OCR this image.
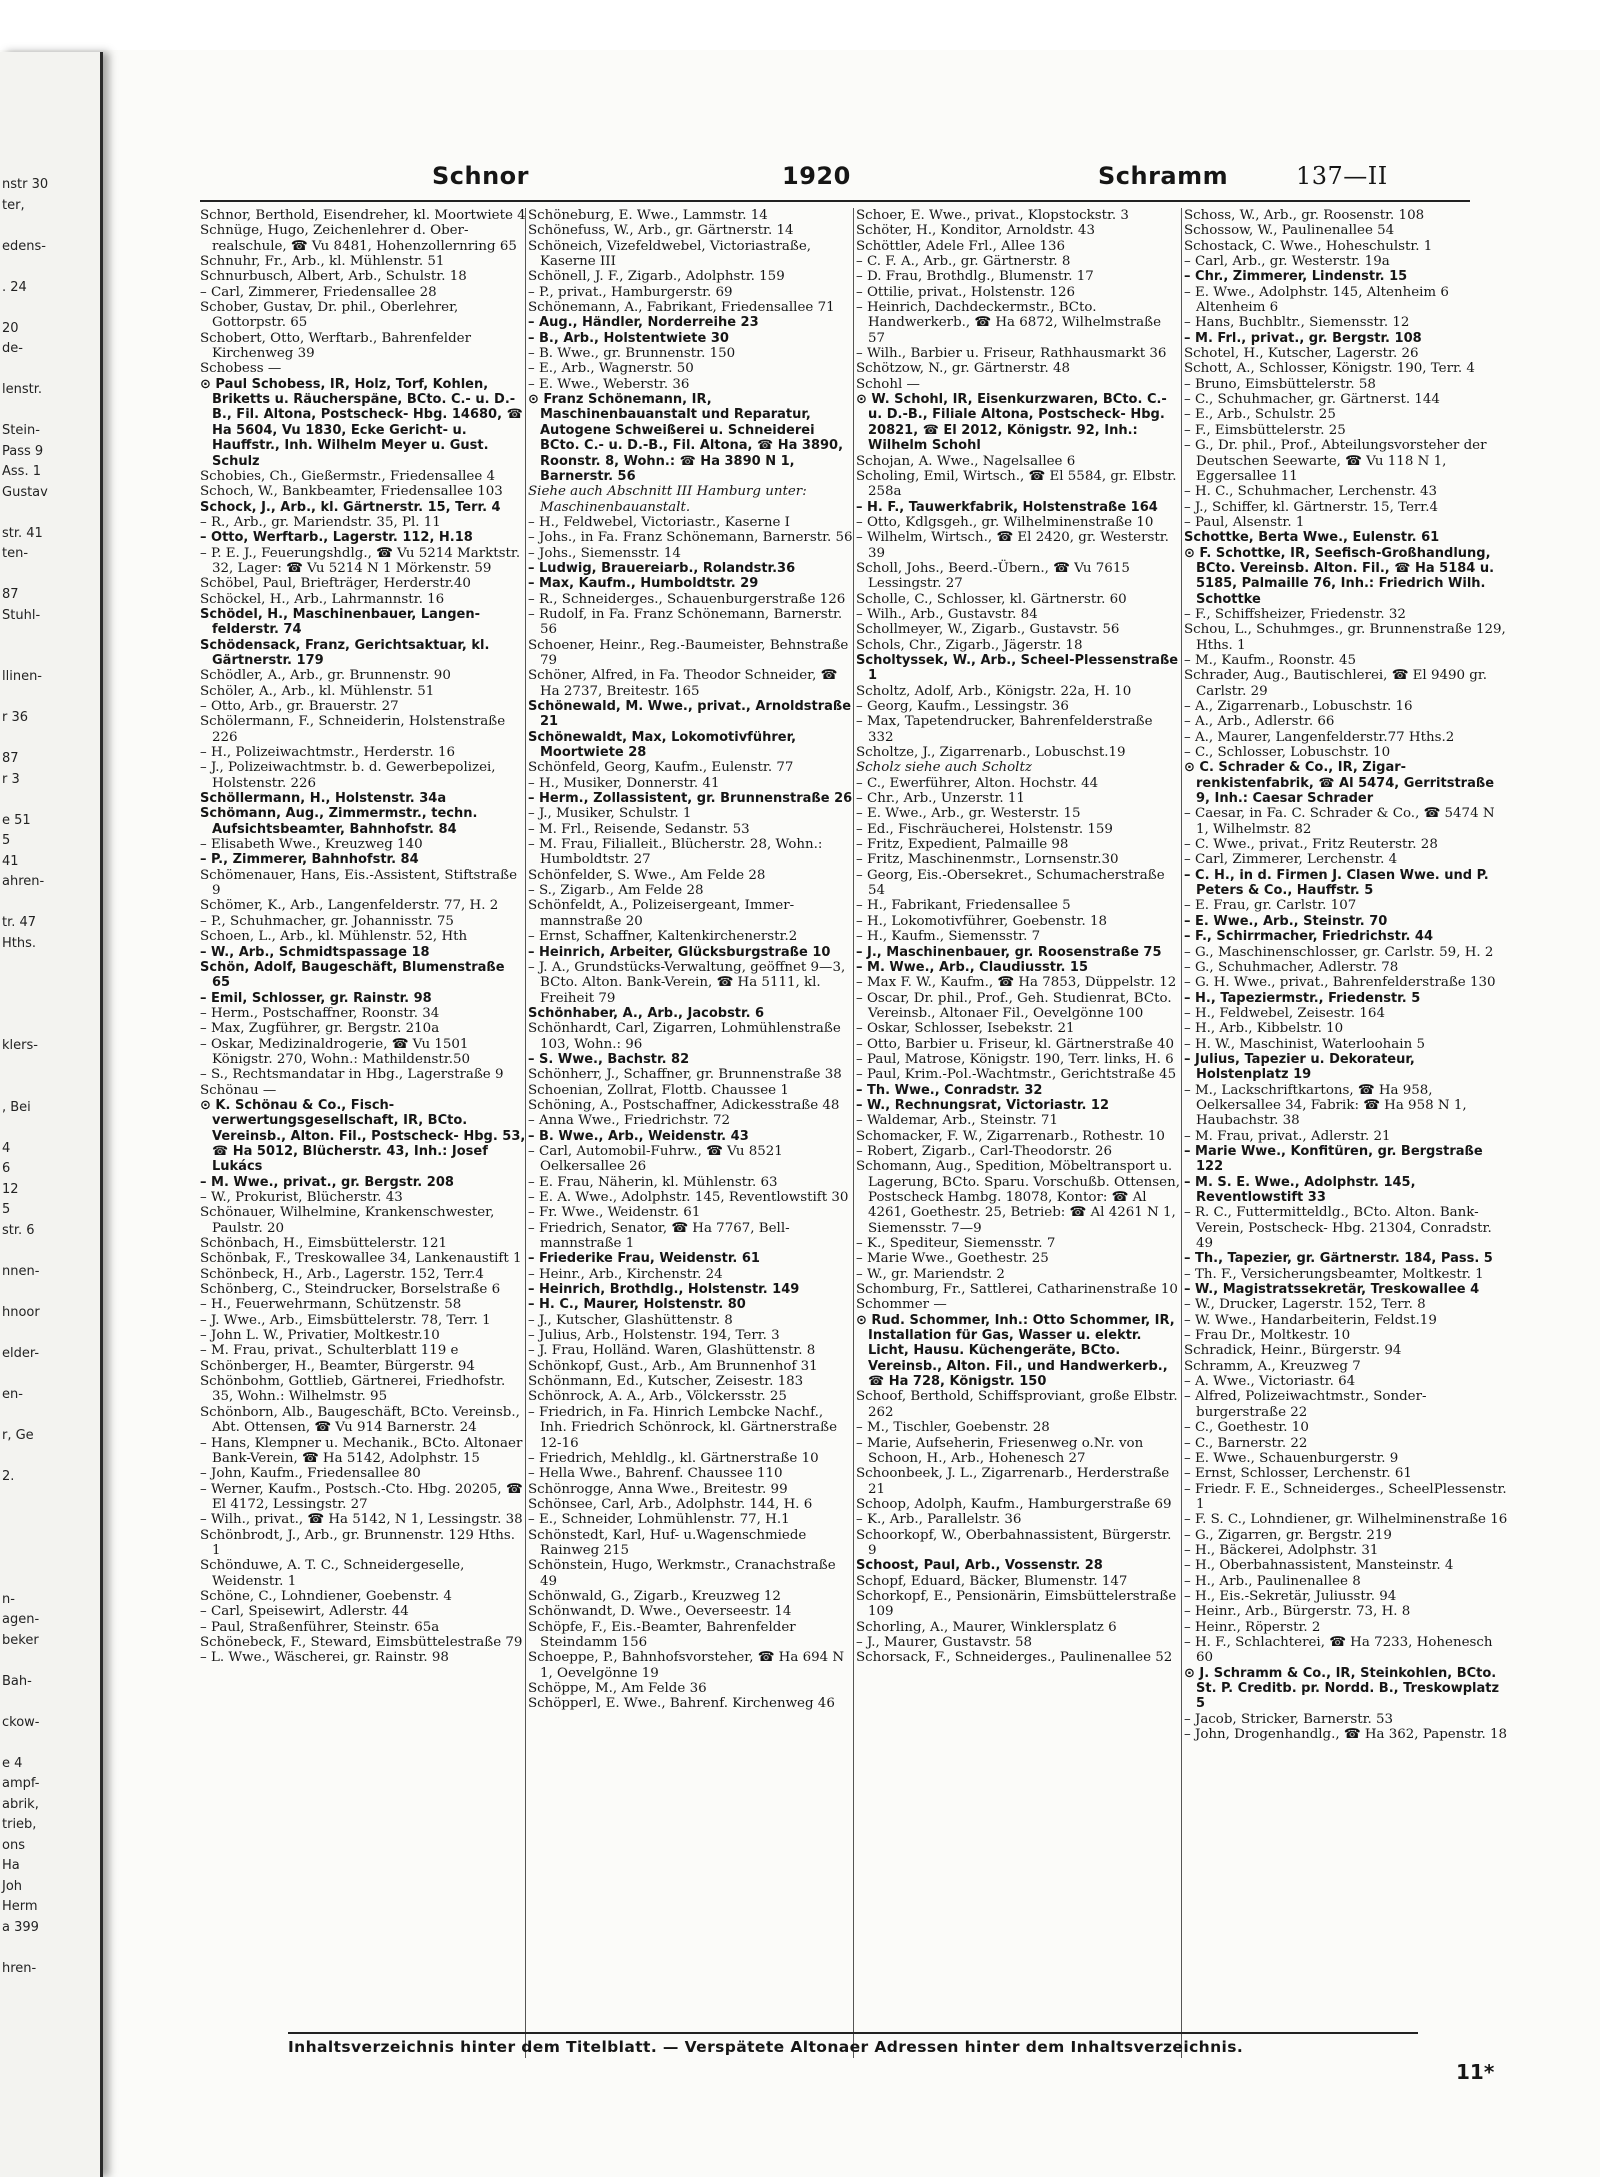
nstr 30
ter,
edens-
. 24
20
de-
lenstr.
Stein-
Pass 9
Ass. 1
Gustav
str. 41
ten-
87
Stuhl-
llinen-
r 36
87
r 3
e 51
5
41
ahren-
tr. 47
Hths.
klers-
, Bei
4
6
12
5
str. 6
nnen-
hnoor
elder-
en-
r, Ge
2.
n-
agen-
beker
Bah-
ckow-
e 4
ampf-
abrik,
trieb,
ons
Ha
Joh
Herm
a 399
hren-
Schnor	1920	Schramm	137—II
Schnor, Berthold, Eisendreher, kl. Moortwiete 4
Schnüge, Hugo, Zeichenlehrer d. Oberrealschule, ☎ Vu 8481, Hohenzollernring 65
Schnuhr, Fr., Arb., kl. Mühlenstr. 51
Schnurbusch, Albert, Arb., Schulstr. 18
– Carl, Zimmerer, Friedensallee 28
Schober, Gustav, Dr. phil., Oberlehrer, Gottorpstr. 65
Schobert, Otto, Werftarb., Bahrenfelder Kirchenweg 39
Schobess —
⊙ Paul Schobess, IR, Holz, Torf, Kohlen, Briketts u. Räucherspäne, BCto. C.- u. D.-B., Fil. Altona, Postscheck- Hbg. 14680, ☎ Ha 5604, Vu 1830, Ecke Gericht- u. Hauffstr., Inh. Wilhelm Meyer u. Gust. Schulz
Schobies, Ch., Gießermstr., Friedensallee 4
Schoch, W., Bankbeamter, Friedensallee 103
Schock, J., Arb., kl. Gärtnerstr. 15, Terr. 4
– R., Arb., gr. Mariendstr. 35, Pl. 11
– Otto, Werftarb., Lagerstr. 112, H.18
– P. E. J., Feuerungshdlg., ☎ Vu 5214 Marktstr. 32, Lager: ☎ Vu 5214 N 1 Mörkenstr. 59
Schöbel, Paul, Briefträger, Herderstr.40
Schöckel, H., Arb., Lahrmannstr. 16
Schödel, H., Maschinenbauer, Langenfelderstr. 74
Schödensack, Franz, Gerichtsaktuar, kl. Gärtnerstr. 179
Schödler, A., Arb., gr. Brunnenstr. 90
Schöler, A., Arb., kl. Mühlenstr. 51
– Otto, Arb., gr. Brauerstr. 27
Schölermann, F., Schneiderin, Holstenstraße 226
– H., Polizeiwachtmstr., Herderstr. 16
– J., Polizeiwachtmstr. b. d. Gewerbepolizei, Holstenstr. 226
Schöllermann, H., Holstenstr. 34a
Schömann, Aug., Zimmermstr., techn. Aufsichtsbeamter, Bahnhofstr. 84
– Elisabeth Wwe., Kreuzweg 140
– P., Zimmerer, Bahnhofstr. 84
Schömenauer, Hans, Eis.-Assistent, Stiftstraße 9
Schömer, K., Arb., Langenfelderstr. 77, H. 2
– P., Schuhmacher, gr. Johannisstr. 75
Schoen, L., Arb., kl. Mühlenstr. 52, Hth
– W., Arb., Schmidtspassage 18
Schön, Adolf, Baugeschäft, Blumenstraße 65
– Emil, Schlosser, gr. Rainstr. 98
– Herm., Postschaffner, Roonstr. 34
– Max, Zugführer, gr. Bergstr. 210a
– Oskar, Medizinaldrogerie, ☎ Vu 1501 Königstr. 270, Wohn.: Mathildenstr.50
– S., Rechtsmandatar in Hbg., Lagerstraße 9
Schönau —
⊙ K. Schönau & Co., Fischverwertungsgesellschaft, IR, BCto. Vereinsb., Alton. Fil., Postscheck- Hbg. 53, ☎ Ha 5012, Blücherstr. 43, Inh.: Josef Lukács
– M. Wwe., privat., gr. Bergstr. 208
– W., Prokurist, Blücherstr. 43
Schönauer, Wilhelmine, Krankenschwester, Paulstr. 20
Schönbach, H., Eimsbüttelerstr. 121
Schönbak, F., Treskowallee 34, Lankenaustift 1
Schönbeck, H., Arb., Lagerstr. 152, Terr.4
Schönberg, C., Steindrucker, Borselstraße 6
– H., Feuerwehrmann, Schützenstr. 58
– J. Wwe., Arb., Eimsbüttelerstr. 78, Terr. 1
– John L. W., Privatier, Moltkestr.10
– M. Frau, privat., Schulterblatt 119 e
Schönberger, H., Beamter, Bürgerstr. 94
Schönbohm, Gottlieb, Gärtnerei, Friedhofstr. 35, Wohn.: Wilhelmstr. 95
Schönborn, Alb., Baugeschäft, BCto. Vereinsb., Abt. Ottensen, ☎ Vu 914 Barnerstr. 24
– Hans, Klempner u. Mechanik., BCto. Altonaer Bank-Verein, ☎ Ha 5142, Adolphstr. 15
– John, Kaufm., Friedensallee 80
– Werner, Kaufm., Postsch.-Cto. Hbg. 20205, ☎ El 4172, Lessingstr. 27
– Wilh., privat., ☎ Ha 5142, N 1, Lessingstr. 38
Schönbrodt, J., Arb., gr. Brunnenstr. 129 Hths. 1
Schönduwe, A. T. C., Schneidergeselle, Weidenstr. 1
Schöne, C., Lohndiener, Goebenstr. 4
– Carl, Speisewirt, Adlerstr. 44
– Paul, Straßenführer, Steinstr. 65a
Schönebeck, F., Steward, Eimsbüttelestraße 79
– L. Wwe., Wäscherei, gr. Rainstr. 98
Schöneburg, E. Wwe., Lammstr. 14
Schönefuss, W., Arb., gr. Gärtnerstr. 14
Schöneich, Vizefeldwebel, Victoriastraße, Kaserne III
Schönell, J. F., Zigarb., Adolphstr. 159
– P., privat., Hamburgerstr. 69
Schönemann, A., Fabrikant, Friedensallee 71
– Aug., Händler, Norderreihe 23
– B., Arb., Holstentwiete 30
– B. Wwe., gr. Brunnenstr. 150
– E., Arb., Wagnerstr. 50
– E. Wwe., Weberstr. 36
⊙ Franz Schönemann, IR, Maschinenbauanstalt und Reparatur, Autogene Schweißerei u. Schneiderei BCto. C.- u. D.-B., Fil. Altona, ☎ Ha 3890, Roonstr. 8, Wohn.: ☎ Ha 3890 N 1, Barnerstr. 56
Siehe auch Abschnitt III Hamburg unter: Maschinenbauanstalt.
– H., Feldwebel, Victoriastr., Kaserne I
– Johs., in Fa. Franz Schönemann, Barnerstr. 56
– Johs., Siemensstr. 14
– Ludwig, Brauereiarb., Rolandstr.36
– Max, Kaufm., Humboldtstr. 29
– R., Schneiderges., Schauenburgerstraße 126
– Rudolf, in Fa. Franz Schönemann, Barnerstr. 56
Schoener, Heinr., Reg.-Baumeister, Behnstraße 79
Schöner, Alfred, in Fa. Theodor Schneider, ☎ Ha 2737, Breitestr. 165
Schönewald, M. Wwe., privat., Arnoldstraße 21
Schönewaldt, Max, Lokomotivführer, Moortwiete 28
Schönfeld, Georg, Kaufm., Eulenstr. 77
– H., Musiker, Donnerstr. 41
– Herm., Zollassistent, gr. Brunnenstraße 26
– J., Musiker, Schulstr. 1
– M. Frl., Reisende, Sedanstr. 53
– M. Frau, Filialleit., Blücherstr. 28, Wohn.: Humboldtstr. 27
Schönfelder, S. Wwe., Am Felde 28
– S., Zigarb., Am Felde 28
Schönfeldt, A., Polizeisergeant, Immermannstraße 20
– Ernst, Schaffner, Kaltenkirchenerstr.2
– Heinrich, Arbeiter, Glücksburgstraße 10
– J. A., Grundstücks-Verwaltung, geöffnet 9—3, BCto. Alton. Bank-Verein, ☎ Ha 5111, kl. Freiheit 79
Schönhaber, A., Arb., Jacobstr. 6
Schönhardt, Carl, Zigarren, Lohmühlenstraße 103, Wohn.: 96
– S. Wwe., Bachstr. 82
Schönherr, J., Schaffner, gr. Brunnenstraße 38
Schoenian, Zollrat, Flottb. Chaussee 1
Schöning, A., Postschaffner, Adickesstraße 48
– Anna Wwe., Friedrichstr. 72
– B. Wwe., Arb., Weidenstr. 43
– Carl, Automobil-Fuhrw., ☎ Vu 8521 Oelkersallee 26
– E. Frau, Näherin, kl. Mühlenstr. 63
– E. A. Wwe., Adolphstr. 145, Reventlowstift 30
– Fr. Wwe., Weidenstr. 61
– Friedrich, Senator, ☎ Ha 7767, Bellmannstraße 1
– Friederike Frau, Weidenstr. 61
– Heinr., Arb., Kirchenstr. 24
– Heinrich, Brothdlg., Holstenstr. 149
– H. C., Maurer, Holstenstr. 80
– J., Kutscher, Glashüttenstr. 8
– Julius, Arb., Holstenstr. 194, Terr. 3
– J. Frau, Holländ. Waren, Glashüttenstr. 8
Schönkopf, Gust., Arb., Am Brunnenhof 31
Schönmann, Ed., Kutscher, Zeisestr. 183
Schönrock, A. A., Arb., Völckersstr. 25
– Friedrich, in Fa. Hinrich Lembcke Nachf., Inh. Friedrich Schönrock, kl. Gärtnerstraße 12-16
– Friedrich, Mehldlg., kl. Gärtnerstraße 10
– Hella Wwe., Bahrenf. Chaussee 110
Schönrogge, Anna Wwe., Breitestr. 99
Schönsee, Carl, Arb., Adolphstr. 144, H. 6
– E., Schneider, Lohmühlenstr. 77, H.1
Schönstedt, Karl, Huf- u.Wagenschmiede Rainweg 215
Schönstein, Hugo, Werkmstr., Cranachstraße 49
Schönwald, G., Zigarb., Kreuzweg 12
Schönwandt, D. Wwe., Oeverseestr. 14
Schöpfe, F., Eis.-Beamter, Bahrenfelder Steindamm 156
Schoeppe, P., Bahnhofsvorsteher, ☎ Ha 694 N 1, Oevelgönne 19
Schöppe, M., Am Felde 36
Schöpperl, E. Wwe., Bahrenf. Kirchenweg 46
Schoer, E. Wwe., privat., Klopstockstr. 3
Schöter, H., Konditor, Arnoldstr. 43
Schöttler, Adele Frl., Allee 136
– C. F. A., Arb., gr. Gärtnerstr. 8
– D. Frau, Brothdlg., Blumenstr. 17
– Ottilie, privat., Holstenstr. 126
– Heinrich, Dachdeckermstr., BCto. Handwerkerb., ☎ Ha 6872, Wilhelmstraße 57
– Wilh., Barbier u. Friseur, Rathhausmarkt 36
Schötzow, N., gr. Gärtnerstr. 48
Schohl —
⊙ W. Schohl, IR, Eisenkurzwaren, BCto. C.- u. D.-B., Filiale Altona, Postscheck- Hbg. 20821, ☎ El 2012, Königstr. 92, Inh.: Wilhelm Schohl
Schojan, A. Wwe., Nagelsallee 6
Scholing, Emil, Wirtsch., ☎ El 5584, gr. Elbstr. 258a
– H. F., Tauwerkfabrik, Holstenstraße 164
– Otto, Kdlgsgeh., gr. Wilhelminenstraße 10
– Wilhelm, Wirtsch., ☎ El 2420, gr. Westerstr. 39
Scholl, Johs., Beerd.-Übern., ☎ Vu 7615 Lessingstr. 27
Scholle, C., Schlosser, kl. Gärtnerstr. 60
– Wilh., Arb., Gustavstr. 84
Schollmeyer, W., Zigarb., Gustavstr. 56
Schols, Chr., Zigarb., Jägerstr. 18
Scholtyssek, W., Arb., Scheel-Plessenstraße 1
Scholtz, Adolf, Arb., Königstr. 22a, H. 10
– Georg, Kaufm., Lessingstr. 36
– Max, Tapetendrucker, Bahrenfelderstraße 332
Scholtze, J., Zigarrenarb., Lobuschst.19
Scholz siehe auch Scholtz
– C., Ewerführer, Alton. Hochstr. 44
– Chr., Arb., Unzerstr. 11
– E. Wwe., Arb., gr. Westerstr. 15
– Ed., Fischräucherei, Holstenstr. 159
– Fritz, Expedient, Palmaille 98
– Fritz, Maschinenmstr., Lornsenstr.30
– Georg, Eis.-Obersekret., Schumacherstraße 54
– H., Fabrikant, Friedensallee 5
– H., Lokomotivführer, Goebenstr. 18
– H., Kaufm., Siemensstr. 7
– J., Maschinenbauer, gr. Roosenstraße 75
– M. Wwe., Arb., Claudiusstr. 15
– Max F. W., Kaufm., ☎ Ha 7853, Düppelstr. 12
– Oscar, Dr. phil., Prof., Geh. Studienrat, BCto. Vereinsb., Altonaer Fil., Oevelgönne 100
– Oskar, Schlosser, Isebekstr. 21
– Otto, Barbier u. Friseur, kl. Gärtnerstraße 40
– Paul, Matrose, Königstr. 190, Terr. links, H. 6
– Paul, Krim.-Pol.-Wachtmstr., Gerichtstraße 45
– Th. Wwe., Conradstr. 32
– W., Rechnungsrat, Victoriastr. 12
– Waldemar, Arb., Steinstr. 71
Schomacker, F. W., Zigarrenarb., Rothestr. 10
– Robert, Zigarb., Carl-Theodorstr. 26
Schomann, Aug., Spedition, Möbeltransport u. Lagerung, BCto. Sparu. Vorschußb. Ottensen, Postscheck Hambg. 18078, Kontor: ☎ Al 4261, Goethestr. 25, Betrieb: ☎ Al 4261 N 1, Siemensstr. 7—9
– K., Spediteur, Siemensstr. 7
– Marie Wwe., Goethestr. 25
– W., gr. Mariendstr. 2
Schomburg, Fr., Sattlerei, Catharinenstraße 10
Schommer —
⊙ Rud. Schommer, Inh.: Otto Schommer, IR, Installation für Gas, Wasser u. elektr. Licht, Hausu. Küchengeräte, BCto. Vereinsb., Alton. Fil., und Handwerkerb., ☎ Ha 728, Königstr. 150
Schoof, Berthold, Schiffsproviant, große Elbstr. 262
– M., Tischler, Goebenstr. 28
– Marie, Aufseherin, Friesenweg o.Nr. von Schoon, H., Arb., Hohenesch 27
Schoonbeek, J. L., Zigarrenarb., Herderstraße 21
Schoop, Adolph, Kaufm., Hamburgerstraße 69
– K., Arb., Parallelstr. 36
Schoorkopf, W., Oberbahnassistent, Bürgerstr. 9
Schoost, Paul, Arb., Vossenstr. 28
Schopf, Eduard, Bäcker, Blumenstr. 147
Schorkopf, E., Pensionärin, Eimsbüttelerstraße 109
Schorling, A., Maurer, Winklersplatz 6
– J., Maurer, Gustavstr. 58
Schorsack, F., Schneiderges., Paulinenallee 52
Schoss, W., Arb., gr. Roosenstr. 108
Schossow, W., Paulinenallee 54
Schostack, C. Wwe., Hoheschulstr. 1
– Carl, Arb., gr. Westerstr. 19a
– Chr., Zimmerer, Lindenstr. 15
– E. Wwe., Adolphstr. 145, Altenheim 6 Altenheim 6
– Hans, Buchbltr., Siemensstr. 12
– M. Frl., privat., gr. Bergstr. 108
Schotel, H., Kutscher, Lagerstr. 26
Schott, A., Schlosser, Königstr. 190, Terr. 4
– Bruno, Eimsbüttelerstr. 58
– C., Schuhmacher, gr. Gärtnerst. 144
– E., Arb., Schulstr. 25
– F., Eimsbüttelerstr. 25
– G., Dr. phil., Prof., Abteilungsvorsteher der Deutschen Seewarte, ☎ Vu 118 N 1, Eggersallee 11
– H. C., Schuhmacher, Lerchenstr. 43
– J., Schiffer, kl. Gärtnerstr. 15, Terr.4
– Paul, Alsenstr. 1
Schottke, Berta Wwe., Eulenstr. 61
⊙ F. Schottke, IR, Seefisch-Großhandlung, BCto. Vereinsb. Alton. Fil., ☎ Ha 5184 u. 5185, Palmaille 76, Inh.: Friedrich Wilh. Schottke
– F., Schiffsheizer, Friedenstr. 32
Schou, L., Schuhmges., gr. Brunnenstraße 129, Hths. 1
– M., Kaufm., Roonstr. 45
Schrader, Aug., Bautischlerei, ☎ El 9490 gr. Carlstr. 29
– A., Zigarrenarb., Lobuschstr. 16
– A., Arb., Adlerstr. 66
– A., Maurer, Langenfelderstr.77 Hths.2
– C., Schlosser, Lobuschstr. 10
⊙ C. Schrader & Co., IR, Zigarrenkistenfabrik, ☎ Al 5474, Gerritstraße 9, Inh.: Caesar Schrader
– Caesar, in Fa. C. Schrader & Co., ☎ 5474 N 1, Wilhelmstr. 82
– C. Wwe., privat., Fritz Reuterstr. 28
– Carl, Zimmerer, Lerchenstr. 4
– C. H., in d. Firmen J. Clasen Wwe. und P. Peters & Co., Hauffstr. 5
– E. Frau, gr. Carlstr. 107
– E. Wwe., Arb., Steinstr. 70
– F., Schirrmacher, Friedrichstr. 44
– G., Maschinenschlosser, gr. Carlstr. 59, H. 2
– G., Schuhmacher, Adlerstr. 78
– G. H. Wwe., privat., Bahrenfelderstraße 130
– H., Tapeziermstr., Friedenstr. 5
– H., Feldwebel, Zeisestr. 164
– H., Arb., Kibbelstr. 10
– H. W., Maschinist, Waterloohain 5
– Julius, Tapezier u. Dekorateur, Holstenplatz 19
– M., Lackschriftkartons, ☎ Ha 958, Oelkersallee 34, Fabrik: ☎ Ha 958 N 1, Haubachstr. 38
– M. Frau, privat., Adlerstr. 21
– Marie Wwe., Konfitüren, gr. Bergstraße 122
– M. S. E. Wwe., Adolphstr. 145, Reventlowstift 33
– R. C., Futtermitteldlg., BCto. Alton. Bank-Verein, Postscheck- Hbg. 21304, Conradstr. 49
– Th., Tapezier, gr. Gärtnerstr. 184, Pass. 5
– Th. F., Versicherungsbeamter, Moltkestr. 1
– W., Magistratssekretär, Treskowallee 4
– W., Drucker, Lagerstr. 152, Terr. 8
– W. Wwe., Handarbeiterin, Feldst.19
– Frau Dr., Moltkestr. 10
Schradick, Heinr., Bürgerstr. 94
Schramm, A., Kreuzweg 7
– A. Wwe., Victoriastr. 64
– Alfred, Polizeiwachtmstr., Sonderburgerstraße 22
– C., Goethestr. 10
– C., Barnerstr. 22
– E. Wwe., Schauenburgerstr. 9
– Ernst, Schlosser, Lerchenstr. 61
– Friedr. F. E., Schneiderges., ScheelPlessenstr. 1
– F. S. C., Lohndiener, gr. Wilhelminenstraße 16
– G., Zigarren, gr. Bergstr. 219
– H., Bäckerei, Adolphstr. 31
– H., Oberbahnassistent, Mansteinstr. 4
– H., Arb., Paulinenallee 8
– H., Eis.-Sekretär, Juliusstr. 94
– Heinr., Arb., Bürgerstr. 73, H. 8
– Heinr., Röperstr. 2
– H. F., Schlachterei, ☎ Ha 7233, Hohenesch 60
⊙ J. Schramm & Co., IR, Steinkohlen, BCto. St. P. Creditb. pr. Nordd. B., Treskowplatz 5
– Jacob, Stricker, Barnerstr. 53
– John, Drogenhandlg., ☎ Ha 362, Papenstr. 18
Inhaltsverzeichnis hinter dem Titelblatt. — Verspätete Altonaer Adressen hinter dem Inhaltsverzeichnis.
11*
